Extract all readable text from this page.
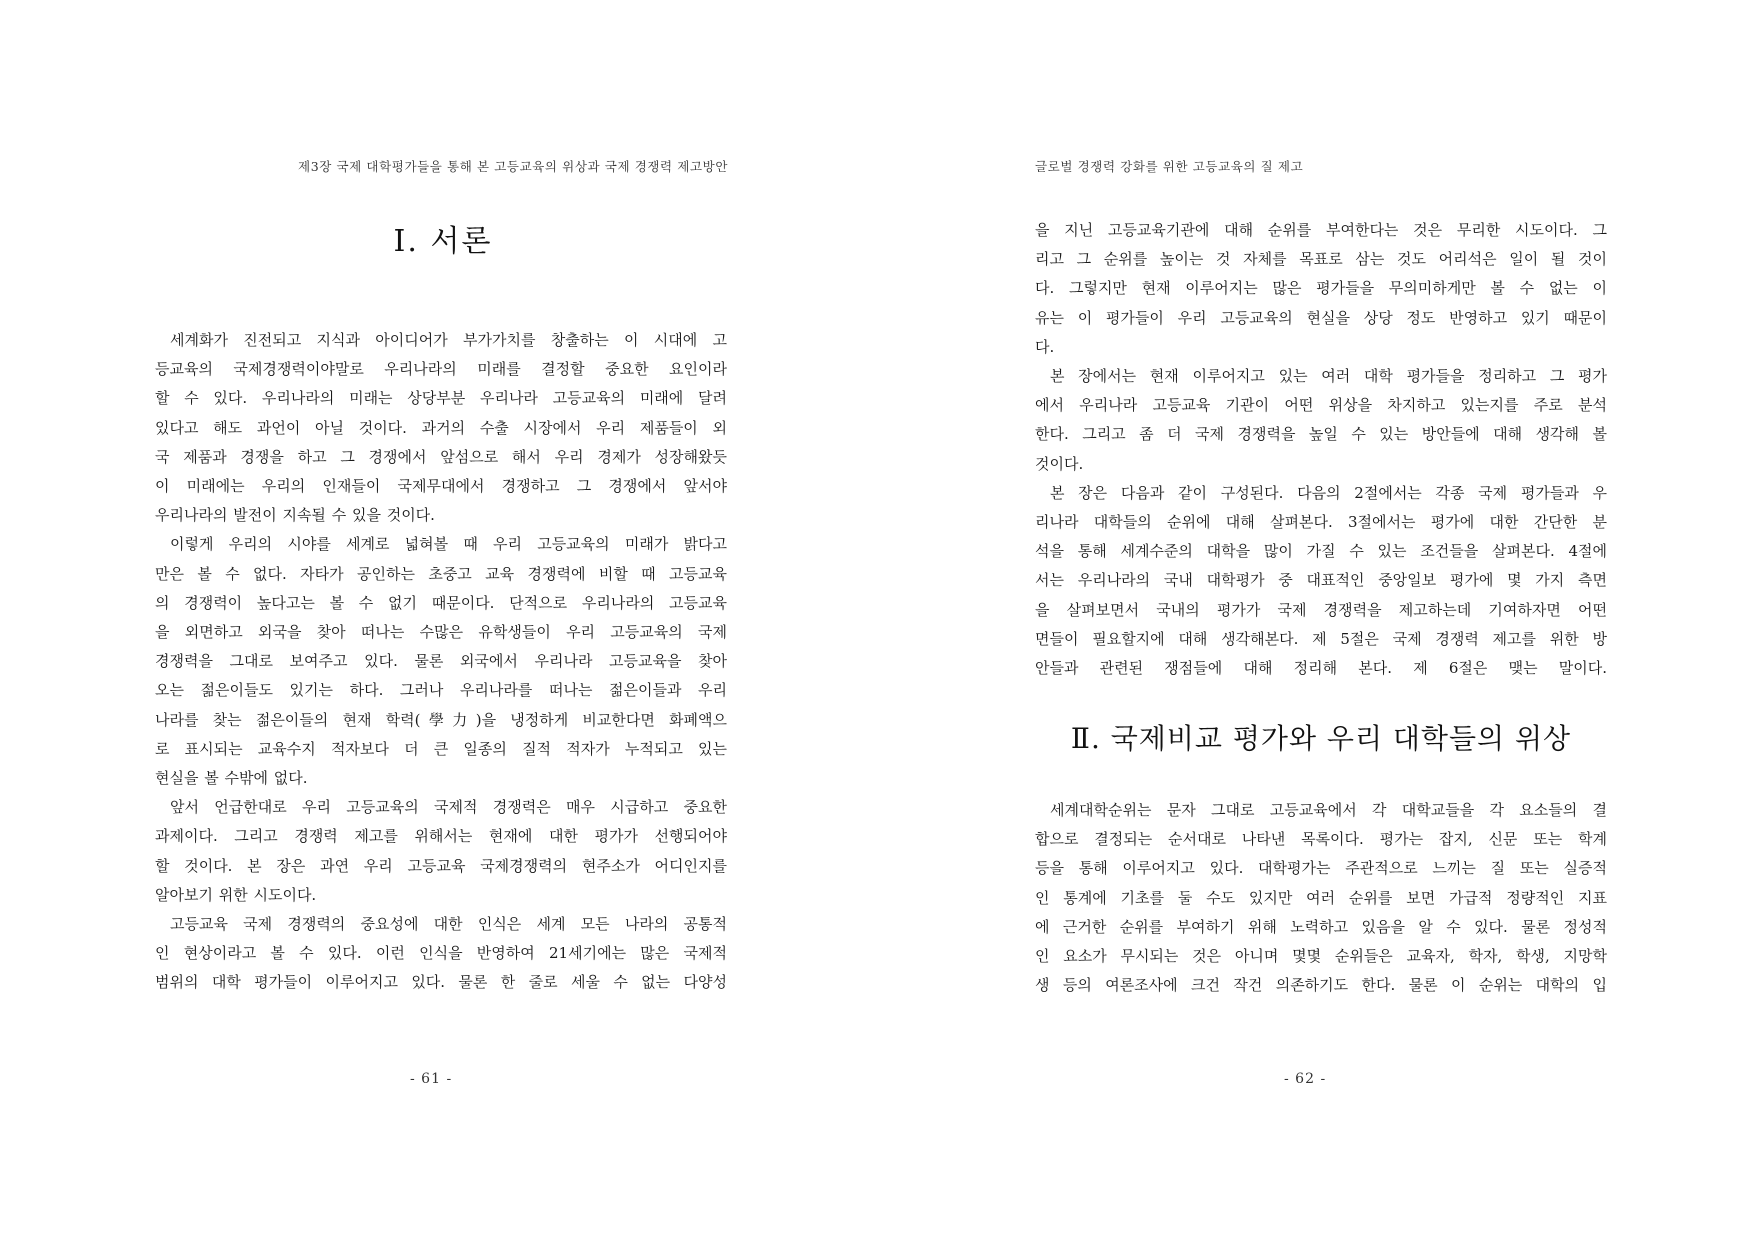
제3장 국제 대학평가들을 통해 본 고등교육의 위상과 국제 경쟁력 제고방안
Ⅰ. 서론
세계화가 진전되고 지식과 아이디어가 부가가치를 창출하는 이 시대에 고
등교육의 국제경쟁력이야말로 우리나라의 미래를 결정할 중요한 요인이라
할 수 있다. 우리나라의 미래는 상당부분 우리나라 고등교육의 미래에 달려
있다고 해도 과언이 아닐 것이다. 과거의 수출 시장에서 우리 제품들이 외
국 제품과 경쟁을 하고 그 경쟁에서 앞섬으로 해서 우리 경제가 성장해왔듯
이 미래에는 우리의 인재들이 국제무대에서 경쟁하고 그 경쟁에서 앞서야
우리나라의 발전이 지속될 수 있을 것이다.
이렇게 우리의 시야를 세계로 넓혀볼 때 우리 고등교육의 미래가 밝다고
만은 볼 수 없다. 자타가 공인하는 초중고 교육 경쟁력에 비할 때 고등교육
의 경쟁력이 높다고는 볼 수 없기 때문이다. 단적으로 우리나라의 고등교육
을 외면하고 외국을 찾아 떠나는 수많은 유학생들이 우리 고등교육의 국제
경쟁력을 그대로 보여주고 있다. 물론 외국에서 우리나라 고등교육을 찾아
오는 젊은이들도 있기는 하다. 그러나 우리나라를 떠나는 젊은이들과 우리
나라를 찾는 젊은이들의 현재 학력(學力)을 냉정하게 비교한다면 화폐액으
로 표시되는 교육수지 적자보다 더 큰 일종의 질적 적자가 누적되고 있는
현실을 볼 수밖에 없다.
앞서 언급한대로 우리 고등교육의 국제적 경쟁력은 매우 시급하고 중요한
과제이다. 그리고 경쟁력 제고를 위해서는 현재에 대한 평가가 선행되어야
할 것이다. 본 장은 과연 우리 고등교육 국제경쟁력의 현주소가 어디인지를
알아보기 위한 시도이다.
고등교육 국제 경쟁력의 중요성에 대한 인식은 세계 모든 나라의 공통적
인 현상이라고 볼 수 있다. 이런 인식을 반영하여 21세기에는 많은 국제적
범위의 대학 평가들이 이루어지고 있다. 물론 한 줄로 세울 수 없는 다양성
- 61 -
글로벌 경쟁력 강화를 위한 고등교육의 질 제고
을 지닌 고등교육기관에 대해 순위를 부여한다는 것은 무리한 시도이다. 그
리고 그 순위를 높이는 것 자체를 목표로 삼는 것도 어리석은 일이 될 것이
다. 그렇지만 현재 이루어지는 많은 평가들을 무의미하게만 볼 수 없는 이
유는 이 평가들이 우리 고등교육의 현실을 상당 정도 반영하고 있기 때문이
다.
본 장에서는 현재 이루어지고 있는 여러 대학 평가들을 정리하고 그 평가
에서 우리나라 고등교육 기관이 어떤 위상을 차지하고 있는지를 주로 분석
한다. 그리고 좀 더 국제 경쟁력을 높일 수 있는 방안들에 대해 생각해 볼
것이다.
본 장은 다음과 같이 구성된다. 다음의 2절에서는 각종 국제 평가들과 우
리나라 대학들의 순위에 대해 살펴본다. 3절에서는 평가에 대한 간단한 분
석을 통해 세계수준의 대학을 많이 가질 수 있는 조건들을 살펴본다. 4절에
서는 우리나라의 국내 대학평가 중 대표적인 중앙일보 평가에 몇 가지 측면
을 살펴보면서 국내의 평가가 국제 경쟁력을 제고하는데 기여하자면 어떤
면들이 필요할지에 대해 생각해본다. 제 5절은 국제 경쟁력 제고를 위한 방
안들과 관련된 쟁점들에 대해 정리해 본다. 제 6절은 맺는 말이다.
Ⅱ. 국제비교 평가와 우리 대학들의 위상
세계대학순위는 문자 그대로 고등교육에서 각 대학교들을 각 요소들의 결
합으로 결정되는 순서대로 나타낸 목록이다. 평가는 잡지, 신문 또는 학계
등을 통해 이루어지고 있다. 대학평가는 주관적으로 느끼는 질 또는 실증적
인 통계에 기초를 둘 수도 있지만 여러 순위를 보면 가급적 정량적인 지표
에 근거한 순위를 부여하기 위해 노력하고 있음을 알 수 있다. 물론 정성적
인 요소가 무시되는 것은 아니며 몇몇 순위들은 교육자, 학자, 학생, 지망학
생 등의 여론조사에 크건 작건 의존하기도 한다. 물론 이 순위는 대학의 입
- 62 -
